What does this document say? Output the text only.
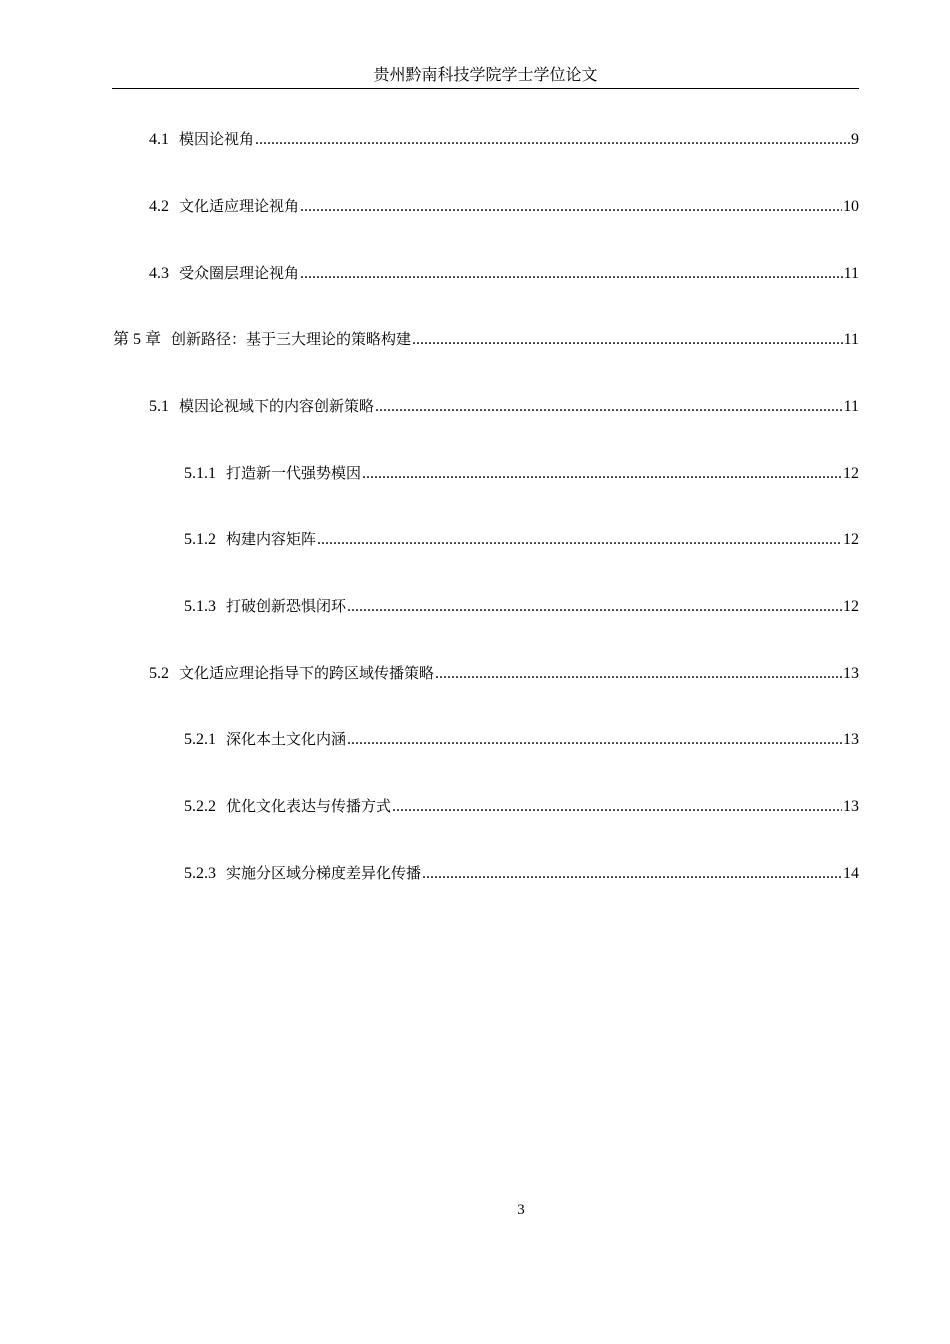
贵州黔南科技学院学士学位论文
4.1 模因论视角 .....	9
4.2 文化适应理论视角 .....	10
4.3 受众圈层理论视角 .....	11
第 5 章 创新路径：基于三大理论的策略构建 .....	11
5.1 模因论视域下的内容创新策略 .....	11
5.1.1 打造新一代强势模因 .....	12
5.1.2 构建内容矩阵 .....	12
5.1.3 打破创新恐惧闭环 .....	12
5.2 文化适应理论指导下的跨区域传播策略 .....	13
5.2.1 深化本土文化内涵 .....	13
5.2.2 优化文化表达与传播方式 .....	13
5.2.3 实施分区域分梯度差异化传播 .....	14
3
